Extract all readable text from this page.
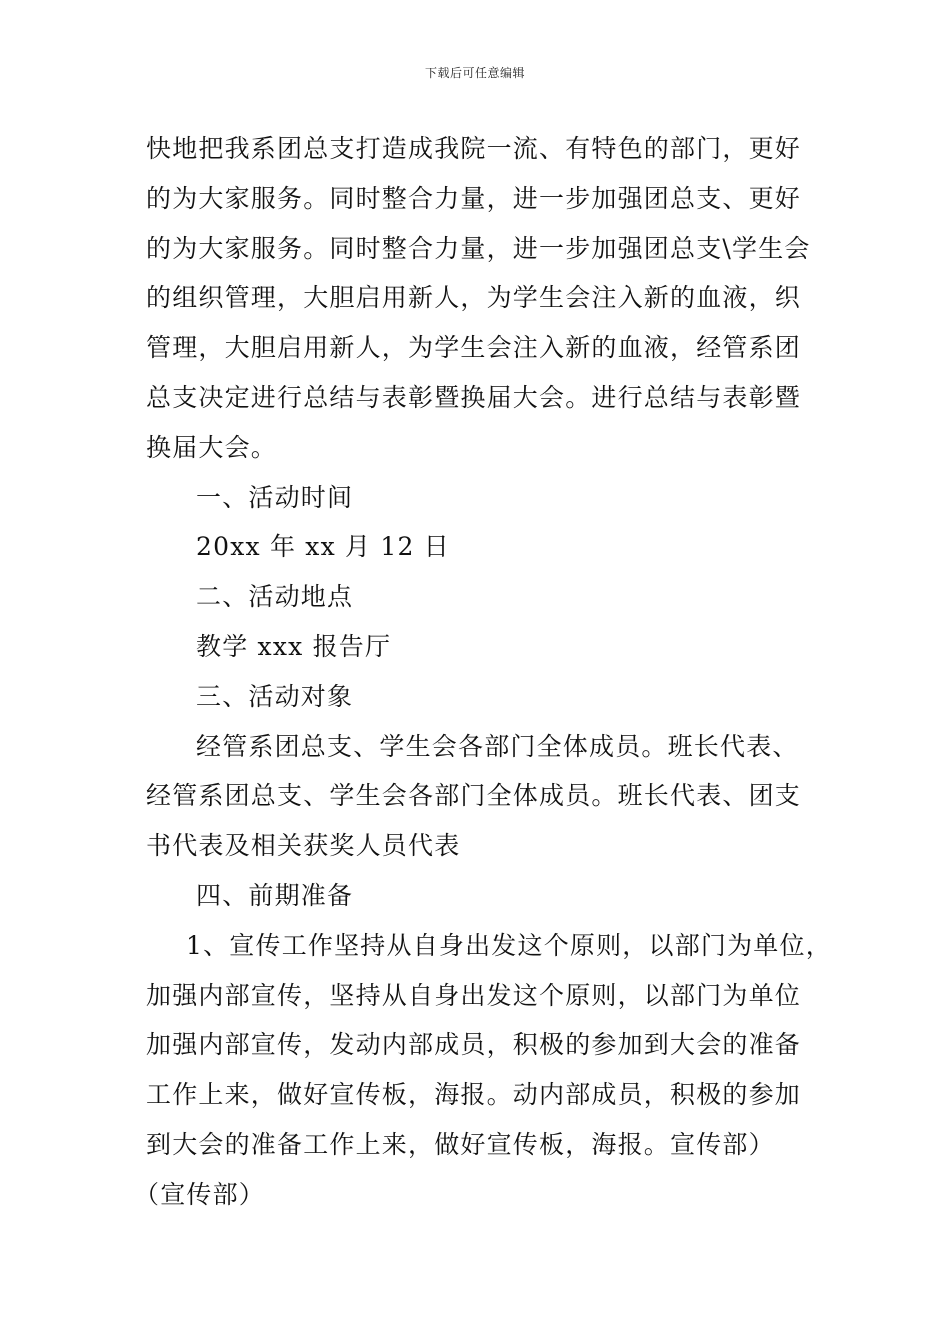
下载后可任意编辑
快地把我系团总支打造成我院一流、有特色的部门，更好
的为大家服务。同时整合力量，进一步加强团总支、更好
的为大家服务。同时整合力量，进一步加强团总支\学生会
的组织管理，大胆启用新人，为学生会注入新的血液，织
管理，大胆启用新人，为学生会注入新的血液，经管系团
总支决定进行总结与表彰暨换届大会。进行总结与表彰暨
换届大会。
一、活动时间
20xx 年 xx 月 12 日
二、活动地点
教学 xxx 报告厅
三、活动对象
经管系团总支、学生会各部门全体成员。班长代表、
经管系团总支、学生会各部门全体成员。班长代表、团支
书代表及相关获奖人员代表
四、前期准备
1、宣传工作坚持从自身出发这个原则，以部门为单位，
加强内部宣传，坚持从自身出发这个原则，以部门为单位
加强内部宣传，发动内部成员，积极的参加到大会的准备
工作上来，做好宣传板，海报。动内部成员，积极的参加
到大会的准备工作上来，做好宣传板，海报。宣传部）
（宣传部）
